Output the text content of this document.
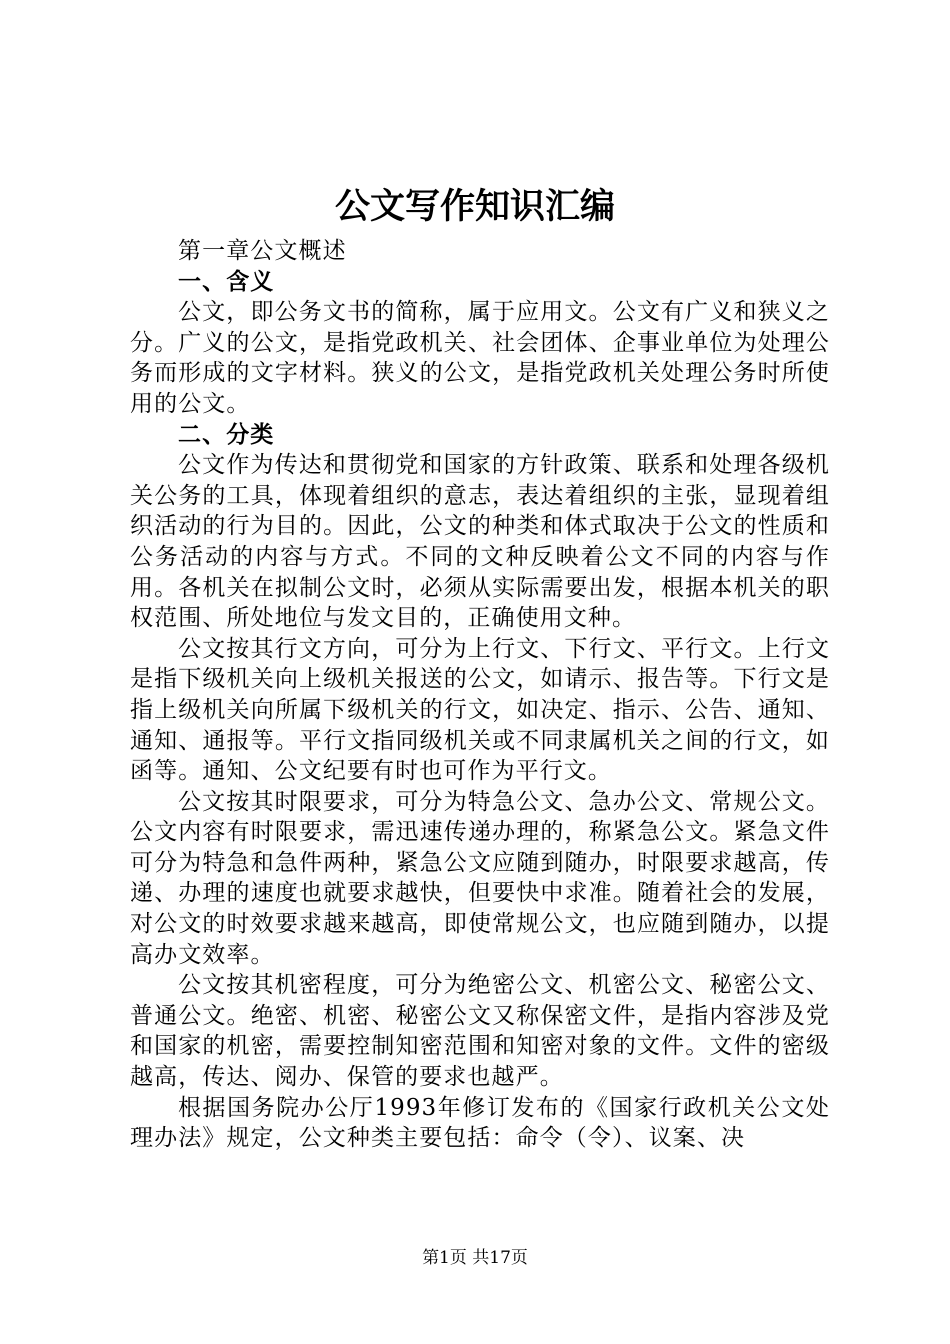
公文写作知识汇编

第一章公文概述

一、含义

公文，即公务文书的简称，属于应用文。公文有广义和狭义之分。广义的公文，是指党政机关、社会团体、企事业单位为处理公务而形成的文字材料。狭义的公文，是指党政机关处理公务时所使用的公文。

二、分类

公文作为传达和贯彻党和国家的方针政策、联系和处理各级机关公务的工具，体现着组织的意志，表达着组织的主张，显现着组织活动的行为目的。因此，公文的种类和体式取决于公文的性质和公务活动的内容与方式。不同的文种反映着公文不同的内容与作用。各机关在拟制公文时，必须从实际需要出发，根据本机关的职权范围、所处地位与发文目的，正确使用文种。

公文按其行文方向，可分为上行文、下行文、平行文。上行文是指下级机关向上级机关报送的公文，如请示、报告等。下行文是指上级机关向所属下级机关的行文，如决定、指示、公告、通知、通知、通报等。平行文指同级机关或不同隶属机关之间的行文，如函等。通知、公文纪要有时也可作为平行文。

公文按其时限要求，可分为特急公文、急办公文、常规公文。公文内容有时限要求，需迅速传递办理的，称紧急公文。紧急文件可分为特急和急件两种，紧急公文应随到随办，时限要求越高，传递、办理的速度也就要求越快，但要快中求准。随着社会的发展，对公文的时效要求越来越高，即使常规公文，也应随到随办，以提高办文效率。

公文按其机密程度，可分为绝密公文、机密公文、秘密公文、普通公文。绝密、机密、秘密公文又称保密文件，是指内容涉及党和国家的机密，需要控制知密范围和知密对象的文件。文件的密级越高，传达、阅办、保管的要求也越严。

根据国务院办公厅1993年修订发布的《国家行政机关公文处理办法》规定，公文种类主要包括：命令（令）、议案、决

第1页 共17页
